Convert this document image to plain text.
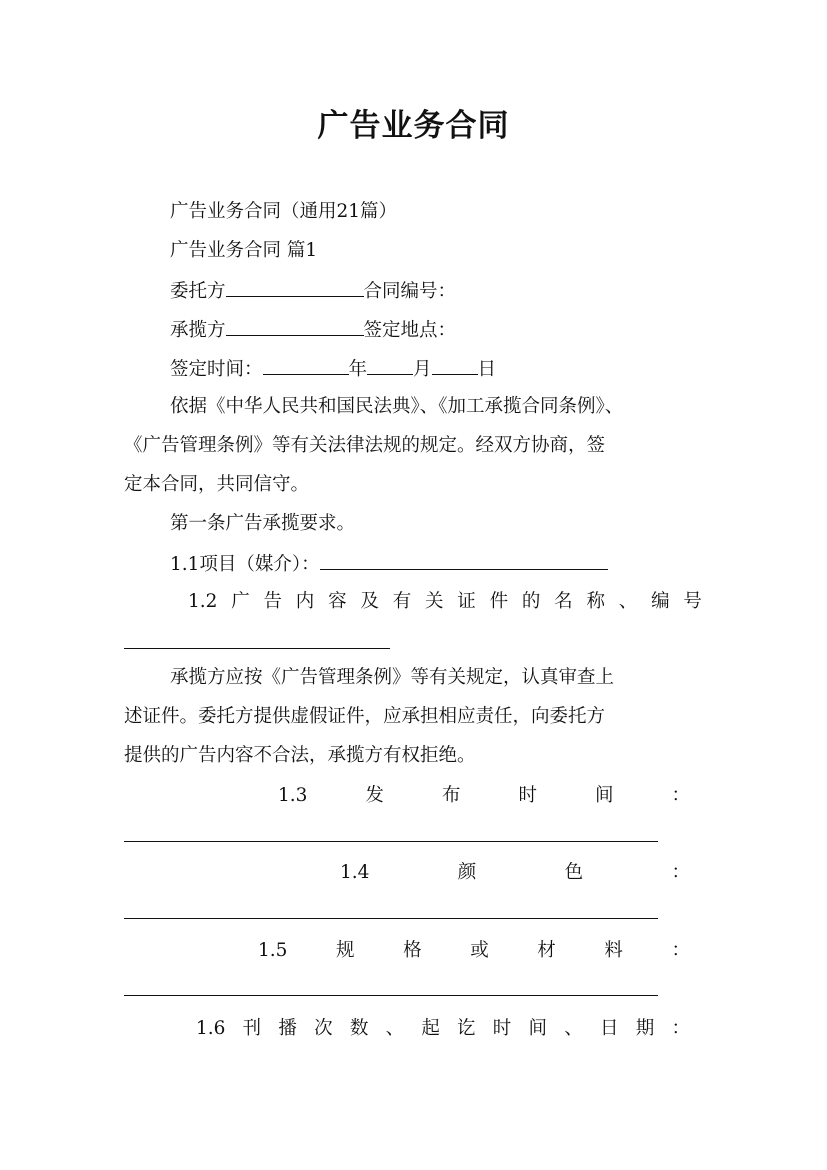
广告业务合同
广告业务合同（通用21篇）
广告业务合同 篇1
委托方	合同编号：
承揽方	签定地点：
签定时间：	年 月 日
依据《中华人民共和国民法典》、《加工承揽合同条例》、
《广告管理条例》等有关法律法规的规定。经双方协商，签
定本合同，共同信守。
第一条广告承揽要求。
1.1项目（媒介）：
1.2 广 告 内 容 及 有 关 证 件 的 名 称 、 编 号
承揽方应按《广告管理条例》等有关规定，认真审查上
述证件。委托方提供虚假证件，应承担相应责任，向委托方
提供的广告内容不合法，承揽方有权拒绝。
1.3	发	布	时	间	：
1.4	颜	色	：
1.5	规	格	或	材	料	：
1.6 刊 播 次 数 、 起 讫 时 间 、 日 期 ：
